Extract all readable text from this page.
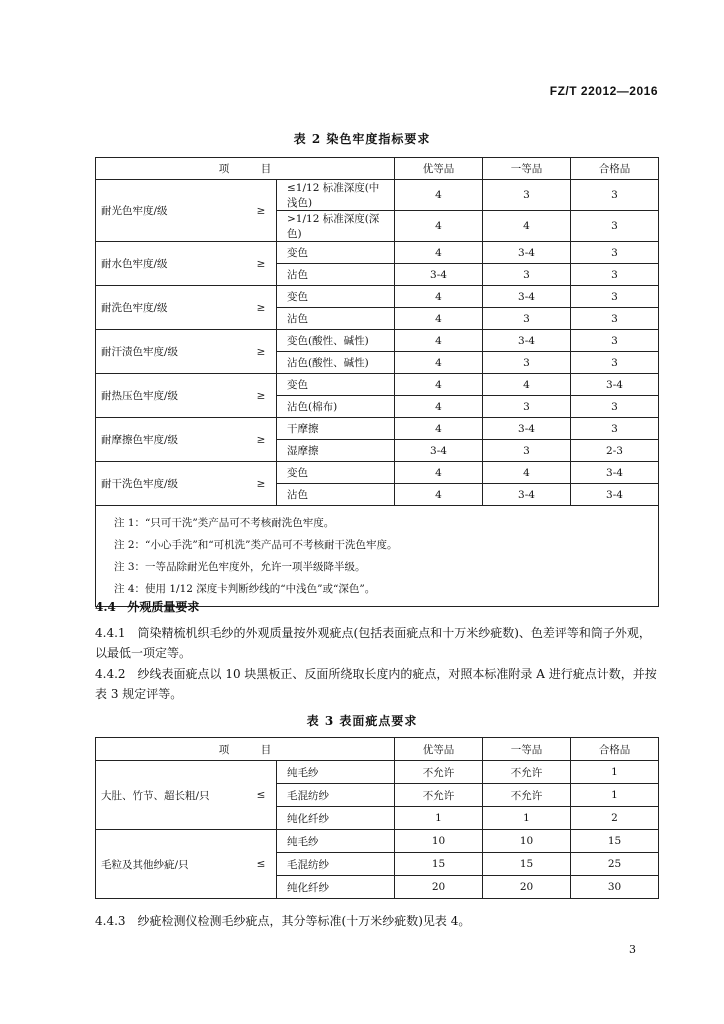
FZ/T 22012—2016
表 2 染色牢度指标要求
项　　　目			优等品	一等品	合格品
耐光色牢度/级	≥	≤1/12 标准深度(中浅色)	4	3	3
		>1/12 标准深度(深色)	4	4	3
耐水色牢度/级	≥	变色	4	3-4	3
		沾色	3-4	3	3
耐洗色牢度/级	≥	变色	4	3-4	3
		沾色	4	3	3
耐汗渍色牢度/级	≥	变色(酸性、碱性)	4	3-4	3
		沾色(酸性、碱性)	4	3	3
耐热压色牢度/级	≥	变色	4	4	3-4
		沾色(棉布)	4	3	3
耐摩擦色牢度/级	≥	干摩擦	4	3-4	3
		湿摩擦	3-4	3	2-3
耐干洗色牢度/级	≥	变色	4	4	3-4
		沾色	4	3-4	3-4

注 1：“只可干洗”类产品可不考核耐洗色牢度。
注 2：“小心手洗”和“可机洗”类产品可不考核耐干洗色牢度。
注 3：一等品除耐光色牢度外，允许一项半级降半级。
注 4：使用 1/12 深度卡判断纱线的“中浅色”或“深色”。					
4.4 外观质量要求
4.4.1　筒染精梳机织毛纱的外观质量按外观疵点(包括表面疵点和十万米纱疵数)、色差评等和筒子外观，以最低一项定等。
4.4.2　纱线表面疵点以 10 块黑板正、反面所绕取长度内的疵点，对照本标准附录 A 进行疵点计数，并按表 3 规定评等。
表 3 表面疵点要求
项　　　目			优等品	一等品	合格品
大肚、竹节、超长粗/只	≤	纯毛纱	不允许	不允许	1
		毛混纺纱	不允许	不允许	1
		纯化纤纱	1	1	2
毛粒及其他纱疵/只	≤	纯毛纱	10	10	15
		毛混纺纱	15	15	25
		纯化纤纱	20	20	30
4.4.3　纱疵检测仪检测毛纱疵点，其分等标准(十万米纱疵数)见表 4。
3
